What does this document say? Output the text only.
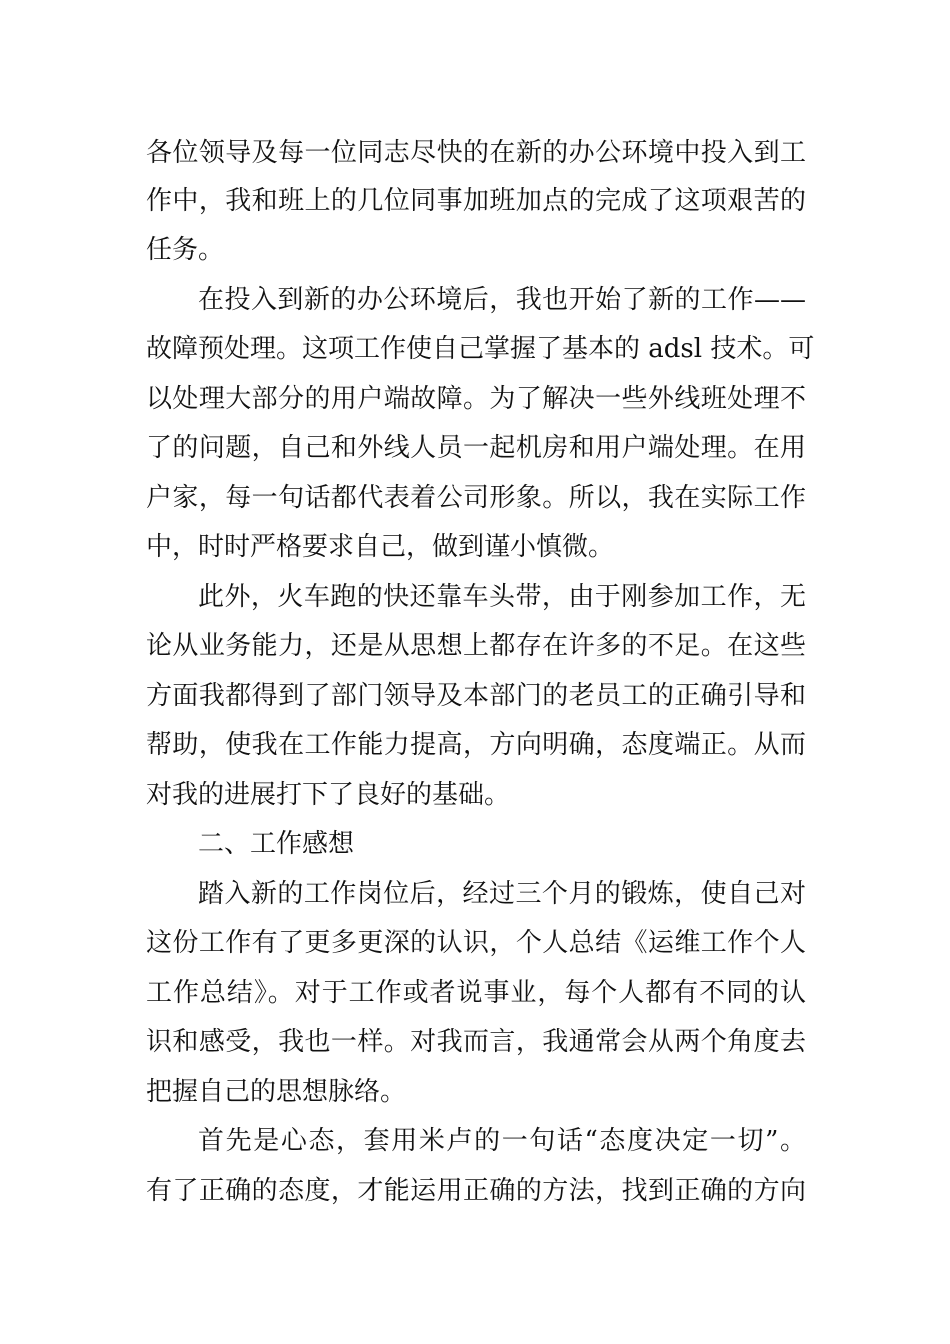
各位领导及每一位同志尽快的在新的办公环境中投入到工
作中，我和班上的几位同事加班加点的完成了这项艰苦的
任务。
在投入到新的办公环境后，我也开始了新的工作——
故障预处理。这项工作使自己掌握了基本的 adsl 技术。可
以处理大部分的用户端故障。为了解决一些外线班处理不
了的问题，自己和外线人员一起机房和用户端处理。在用
户家，每一句话都代表着公司形象。所以，我在实际工作
中，时时严格要求自己，做到谨小慎微。
此外，火车跑的快还靠车头带，由于刚参加工作，无
论从业务能力，还是从思想上都存在许多的不足。在这些
方面我都得到了部门领导及本部门的老员工的正确引导和
帮助，使我在工作能力提高，方向明确，态度端正。从而
对我的进展打下了良好的基础。
二、工作感想
踏入新的工作岗位后，经过三个月的锻炼，使自己对
这份工作有了更多更深的认识，个人总结《运维工作个人
工作总结》。对于工作或者说事业，每个人都有不同的认
识和感受，我也一样。对我而言，我通常会从两个角度去
把握自己的思想脉络。
首先是心态，套用米卢的一句话“态度决定一切”。
有了正确的态度，才能运用正确的方法，找到正确的方向
